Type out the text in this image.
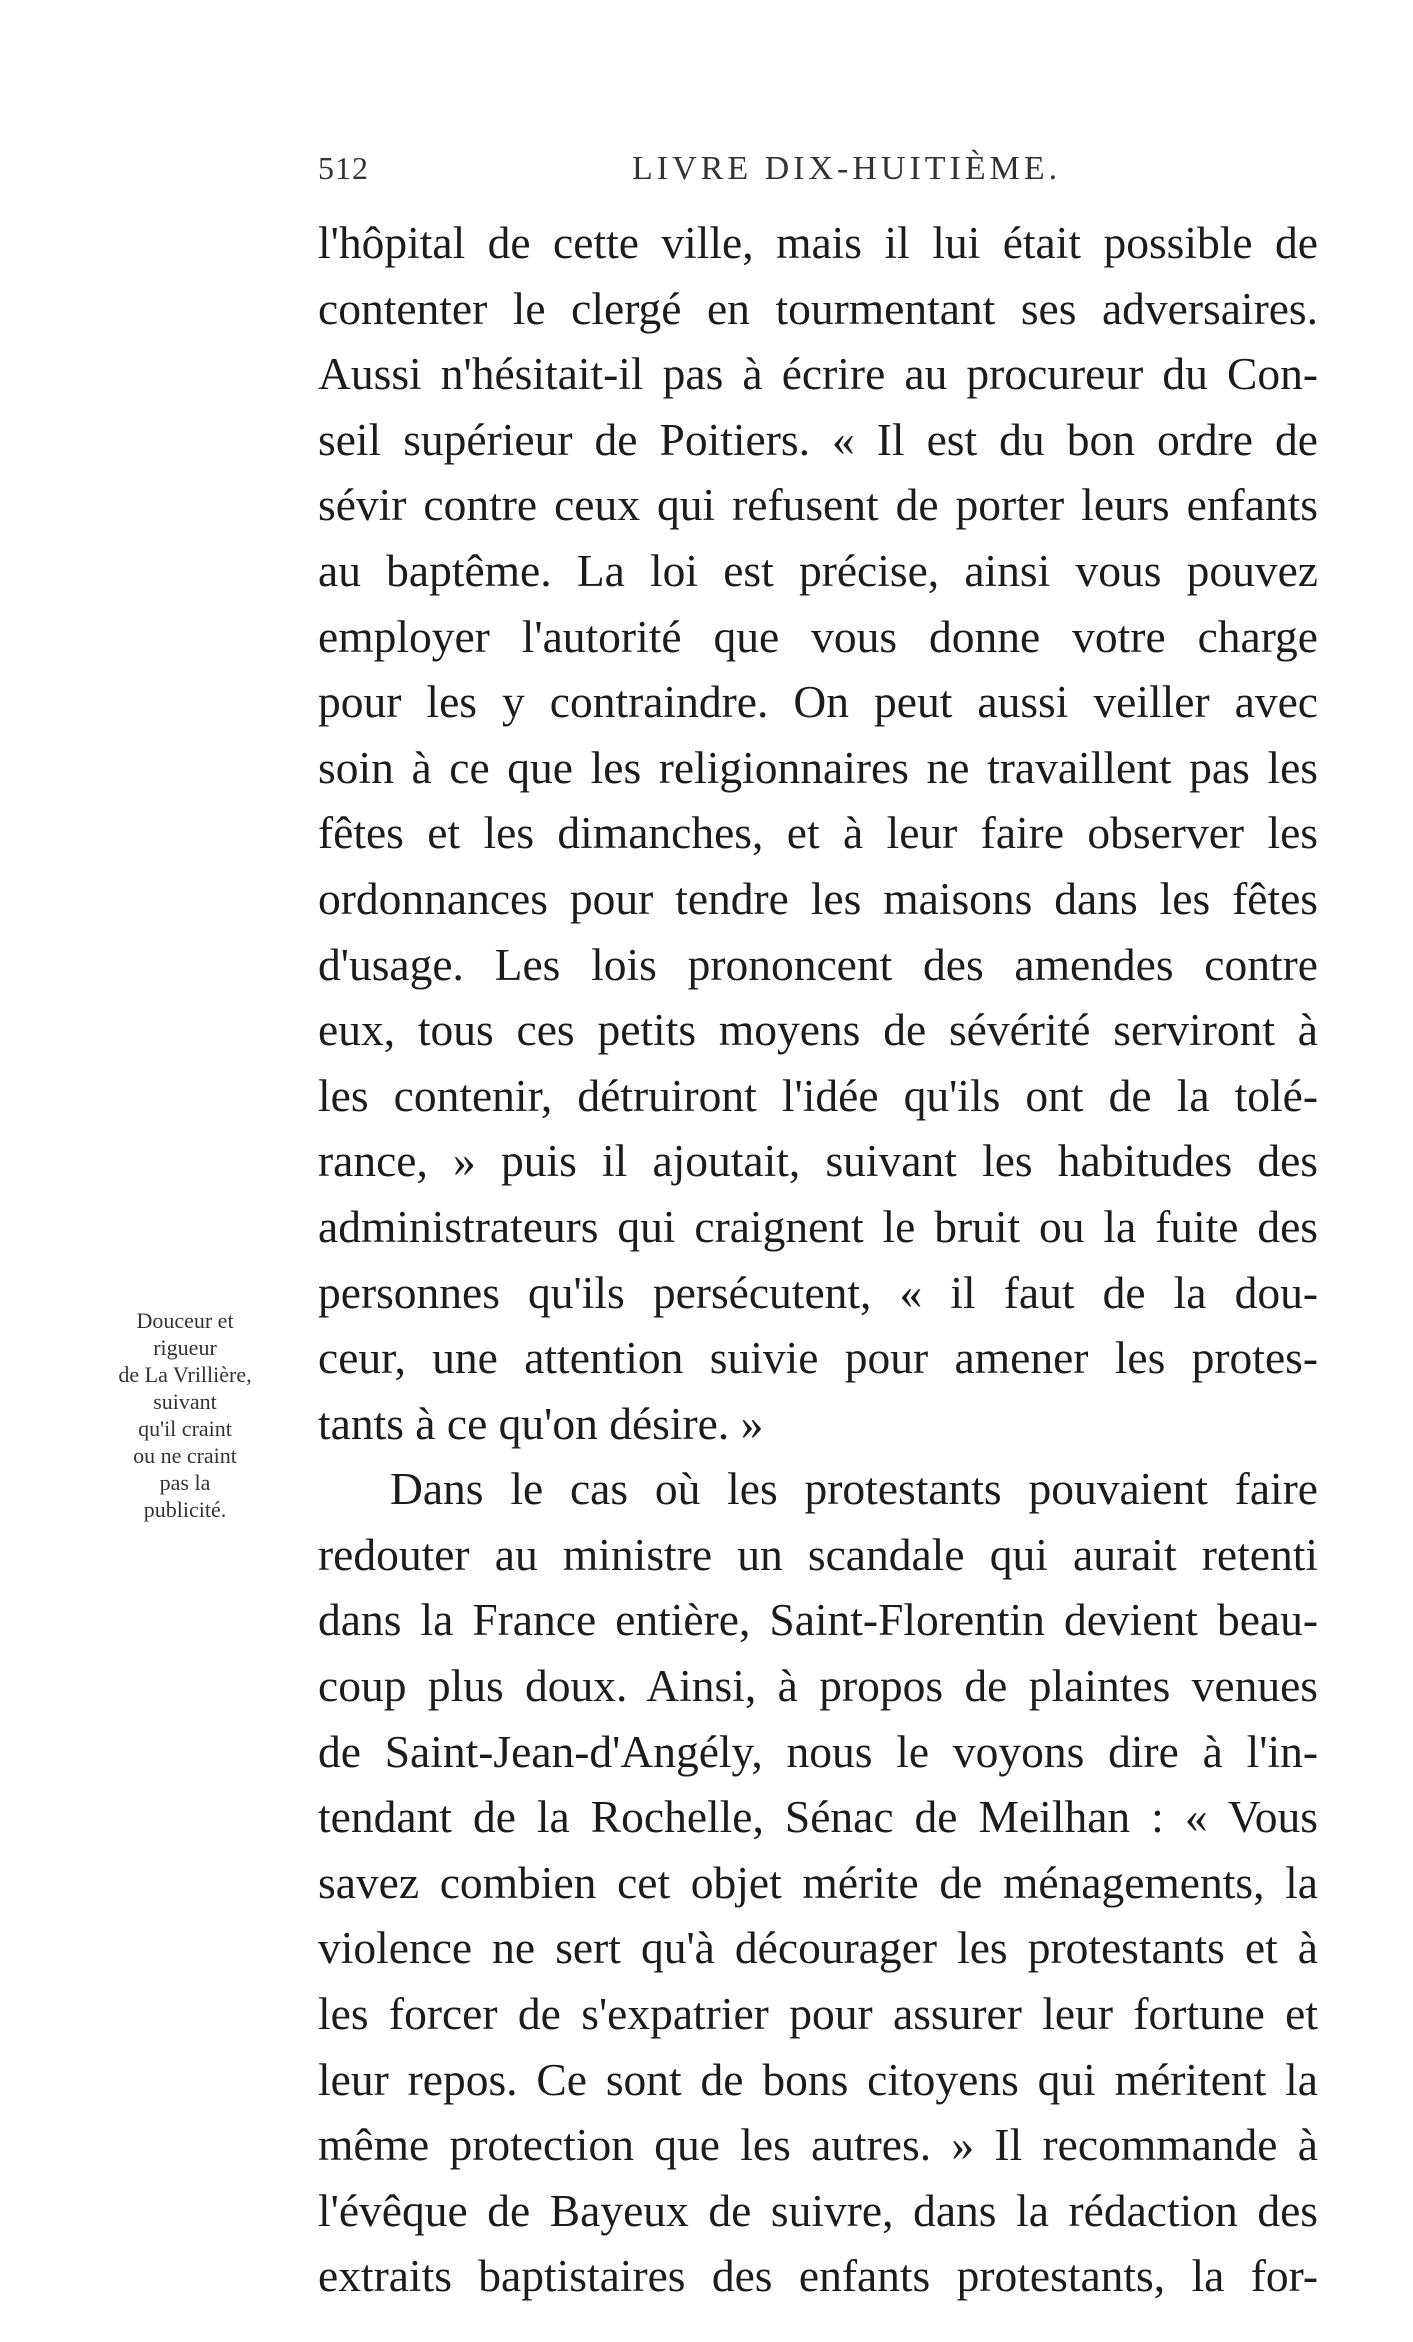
512	LIVRE DIX-HUITIÈME.
Douceur et
rigueur
de La Vrillière,
suivant
qu'il craint
ou ne craint
pas la
publicité.
l'hôpital de cette ville, mais il lui était possible de
contenter le clergé en tourmentant ses adversaires.
Aussi n'hésitait-il pas à écrire au procureur du Con-
seil supérieur de Poitiers. « Il est du bon ordre de
sévir contre ceux qui refusent de porter leurs enfants
au baptême. La loi est précise, ainsi vous pouvez
employer l'autorité que vous donne votre charge
pour les y contraindre. On peut aussi veiller avec
soin à ce que les religionnaires ne travaillent pas les
fêtes et les dimanches, et à leur faire observer les
ordonnances pour tendre les maisons dans les fêtes
d'usage. Les lois prononcent des amendes contre
eux, tous ces petits moyens de sévérité serviront à
les contenir, détruiront l'idée qu'ils ont de la tolé-
rance, » puis il ajoutait, suivant les habitudes des
administrateurs qui craignent le bruit ou la fuite des
personnes qu'ils persécutent, « il faut de la dou-
ceur, une attention suivie pour amener les protes-
tants à ce qu'on désire. »
Dans le cas où les protestants pouvaient faire
redouter au ministre un scandale qui aurait retenti
dans la France entière, Saint-Florentin devient beau-
coup plus doux. Ainsi, à propos de plaintes venues
de Saint-Jean-d'Angély, nous le voyons dire à l'in-
tendant de la Rochelle, Sénac de Meilhan : « Vous
savez combien cet objet mérite de ménagements, la
violence ne sert qu'à décourager les protestants et à
les forcer de s'expatrier pour assurer leur fortune et
leur repos. Ce sont de bons citoyens qui méritent la
même protection que les autres. » Il recommande à
l'évêque de Bayeux de suivre, dans la rédaction des
extraits baptistaires des enfants protestants, la for-
